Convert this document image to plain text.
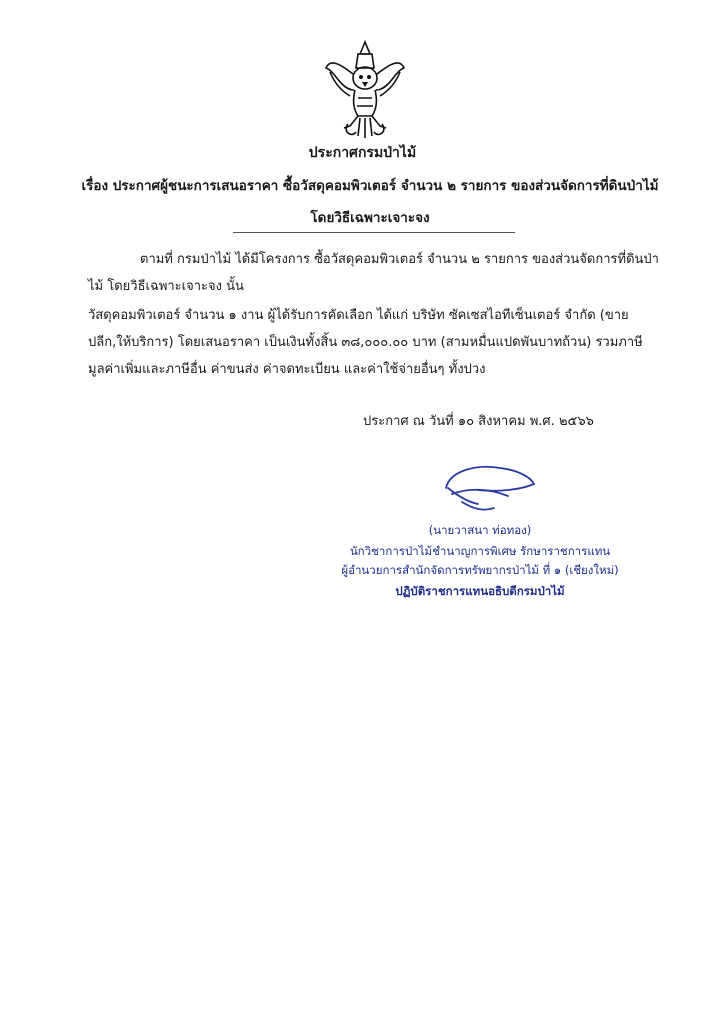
ประกาศกรมป่าไม้
เรื่อง ประกาศผู้ชนะการเสนอราคา ซื้อวัสดุคอมพิวเตอร์ จำนวน ๒ รายการ ของส่วนจัดการที่ดินป่าไม้ โดยวิธีเฉพาะเจาะจง
ตามที่ กรมป่าไม้ ได้มีโครงการ ซื้อวัสดุคอมพิวเตอร์ จำนวน ๒ รายการ ของส่วนจัดการที่ดินป่าไม้ โดยวิธีเฉพาะเจาะจง นั้น
วัสดุคอมพิวเตอร์ จำนวน ๑ งาน ผู้ได้รับการคัดเลือก ได้แก่ บริษัท ซัคเซสไอทีเซ็นเตอร์ จำกัด (ขายปลีก,ให้บริการ) โดยเสนอราคา เป็นเงินทั้งสิ้น ๓๘,๐๐๐.๐๐ บาท (สามหมื่นแปดพันบาทถ้วน) รวมภาษีมูลค่าเพิ่มและภาษีอื่น ค่าขนส่ง ค่าจดทะเบียน และค่าใช้จ่ายอื่นๆ ทั้งปวง
ประกาศ ณ วันที่ ๑๐ สิงหาคม พ.ศ. ๒๕๖๖
(นายวาสนา ท่อทอง)
นักวิชาการป่าไม้ชำนาญการพิเศษ รักษาราชการแทน
ผู้อำนวยการสำนักจัดการทรัพยากรป่าไม้ ที่ ๑ (เชียงใหม่)
ปฏิบัติราชการแทนอธิบดีกรมป่าไม้
